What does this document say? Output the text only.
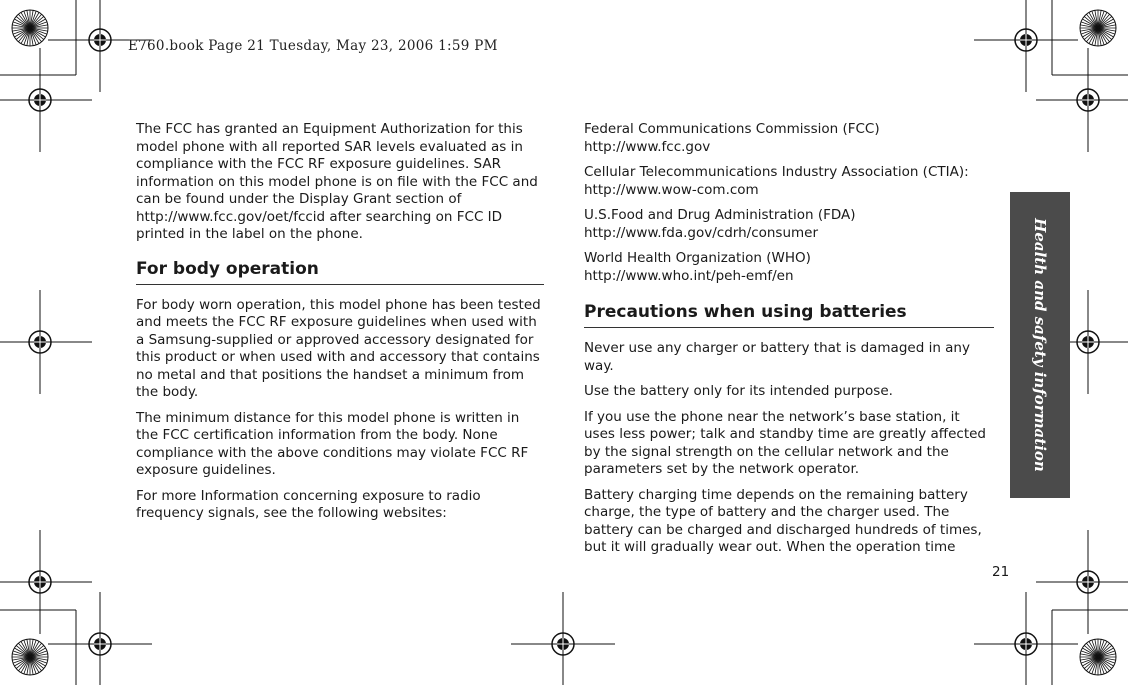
E760.book Page 21 Tuesday, May 23, 2006 1:59 PM

The FCC has granted an Equipment Authorization for this model phone with all reported SAR levels evaluated as in compliance with the FCC RF exposure guidelines. SAR information on this model phone is on file with the FCC and can be found under the Display Grant section of http://www.fcc.gov/oet/fccid after searching on FCC ID printed in the label on the phone.

For body operation

For body worn operation, this model phone has been tested and meets the FCC RF exposure guidelines when used with a Samsung-supplied or approved accessory designated for this product or when used with and accessory that contains no metal and that positions the handset a minimum from the body.

The minimum distance for this model phone is written in the FCC certification information from the body. None compliance with the above conditions may violate FCC RF exposure guidelines.

For more Information concerning exposure to radio frequency signals, see the following websites:

Federal Communications Commission (FCC)
http://www.fcc.gov
Cellular Telecommunications Industry Association (CTIA):
http://www.wow-com.com
U.S.Food and Drug Administration (FDA)
http://www.fda.gov/cdrh/consumer
World Health Organization (WHO)
http://www.who.int/peh-emf/en
Precautions when using batteries

Never use any charger or battery that is damaged in any way.

Use the battery only for its intended purpose.

If you use the phone near the network’s base station, it uses less power; talk and standby time are greatly affected by the signal strength on the cellular network and the parameters set by the network operator.

Battery charging time depends on the remaining battery charge, the type of battery and the charger used. The battery can be charged and discharged hundreds of times, but it will gradually wear out. When the operation time

Health and safety information
21
